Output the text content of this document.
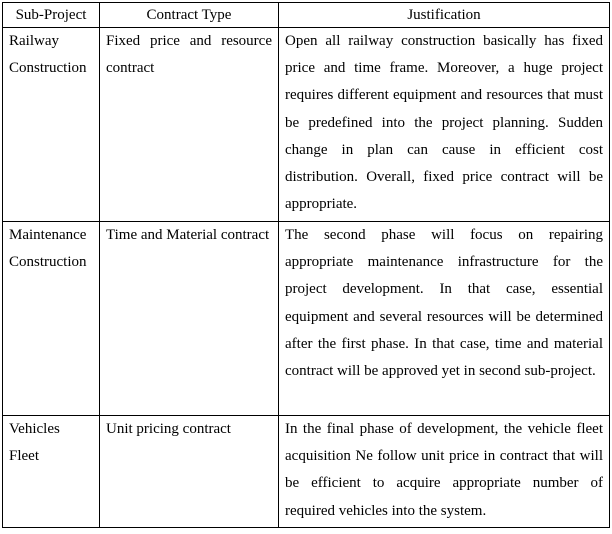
Sub-Project	Contract Type	Justification

Railway Construction	Fixed price and resource contract	Open all railway construction basically has fixed price and time frame. Moreover, a huge project requires different equipment and resources that must be predefined into the project planning. Sudden change in plan can cause in efficient cost distribution. Overall, fixed price contract will be appropriate.

Maintenance Construction	Time and Material contract	The second phase will focus on repairing appropriate maintenance infrastructure for the project development. In that case, essential equipment and several resources will be determined after the first phase. In that case, time and material contract will be approved yet in second sub-project.

Vehicles Fleet	Unit pricing contract	In the final phase of development, the vehicle fleet acquisition Ne follow unit price in contract that will be efficient to acquire appropriate number of required vehicles into the system.
